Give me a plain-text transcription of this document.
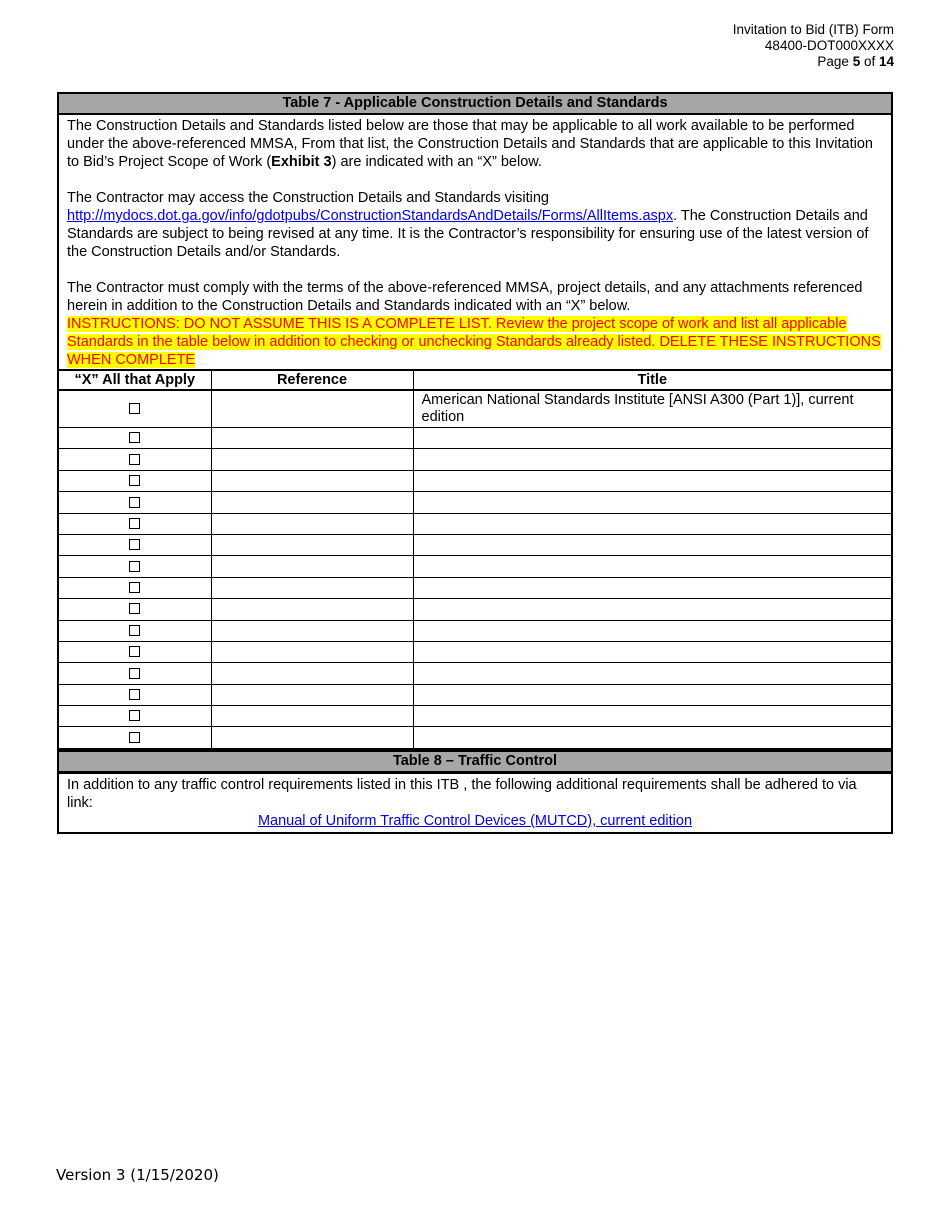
Invitation to Bid (ITB) Form
48400-DOT000XXXX
Page 5 of 14
Table 7 - Applicable Construction Details and Standards

The Construction Details and Standards listed below are those that may be applicable to all work available to be performed under the above-referenced MMSA, From that list, the Construction Details and Standards that are applicable to this Invitation to Bid’s Project Scope of Work (Exhibit 3) are indicated with an “X” below.

The Contractor may access the Construction Details and Standards visiting http://mydocs.dot.ga.gov/info/gdotpubs/ConstructionStandardsAndDetails/Forms/AllItems.aspx. The Construction Details and Standards are subject to being revised at any time. It is the Contractor’s responsibility for ensuring use of the latest version of the Construction Details and/or Standards.

The Contractor must comply with the terms of the above-referenced MMSA, project details, and any attachments referenced herein in addition to the Construction Details and Standards indicated with an “X” below.

INSTRUCTIONS: DO NOT ASSUME THIS IS A COMPLETE LIST. Review the project scope of work and list all applicable Standards in the table below in addition to checking or unchecking Standards already listed. DELETE THESE INSTRUCTIONS WHEN COMPLETE

“X” All that Apply	Reference	Title
		American National Standards Institute [ANSI A300 (Part 1)], current edition

Table 8 – Traffic Control

In addition to any traffic control requirements listed in this ITB , the following additional requirements shall be adhered to via link:

Manual of Uniform Traffic Control Devices (MUTCD), current edition

Version 3 (1/15/2020)
